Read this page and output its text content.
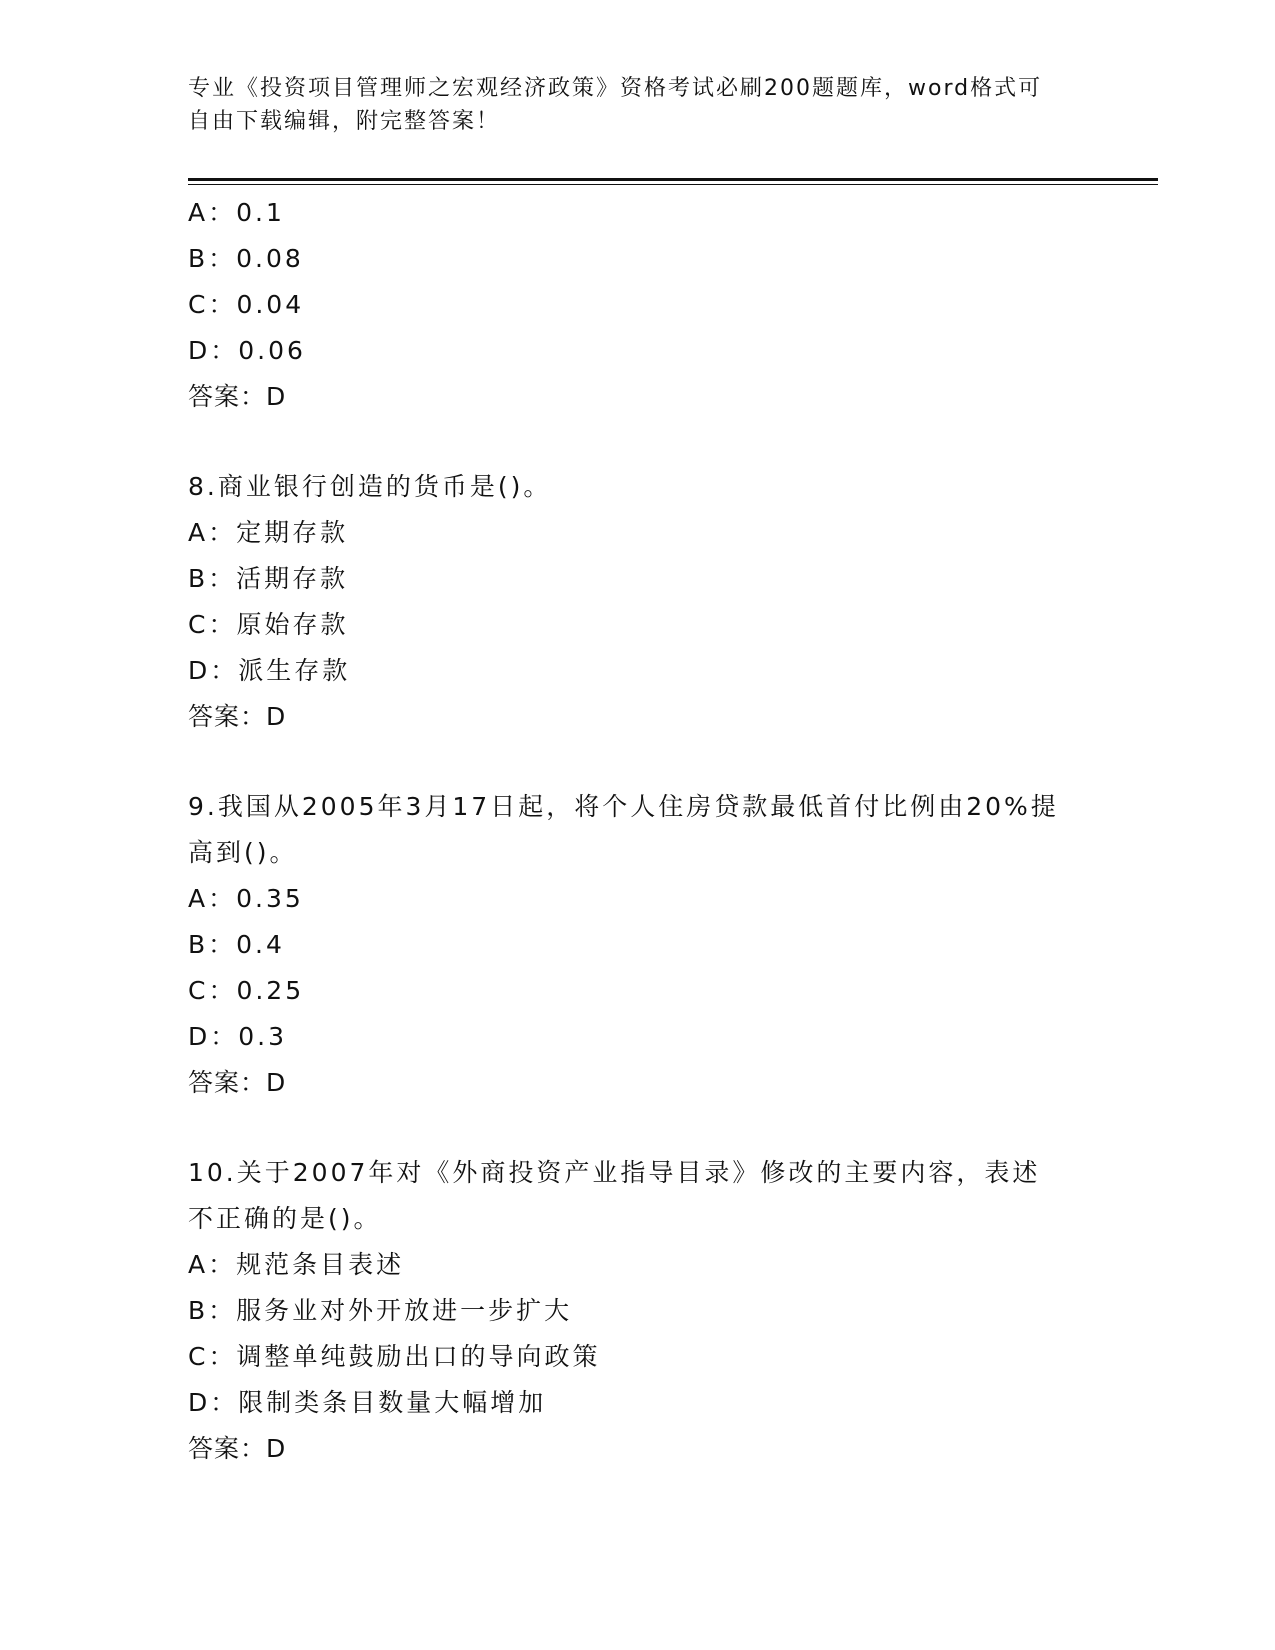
专业《投资项目管理师之宏观经济政策》资格考试必刷200题题库，word格式可
自由下载编辑，附完整答案！
A：0.1
B：0.08
C：0.04
D：0.06
答案：D
8.商业银行创造的货币是()。
A：定期存款
B：活期存款
C：原始存款
D：派生存款
答案：D
9.我国从2005年3月17日起，将个人住房贷款最低首付比例由20%提
高到()。
A：0.35
B：0.4
C：0.25
D：0.3
答案：D
10.关于2007年对《外商投资产业指导目录》修改的主要内容，表述
不正确的是()。
A：规范条目表述
B：服务业对外开放进一步扩大
C：调整单纯鼓励出口的导向政策
D：限制类条目数量大幅增加
答案：D
